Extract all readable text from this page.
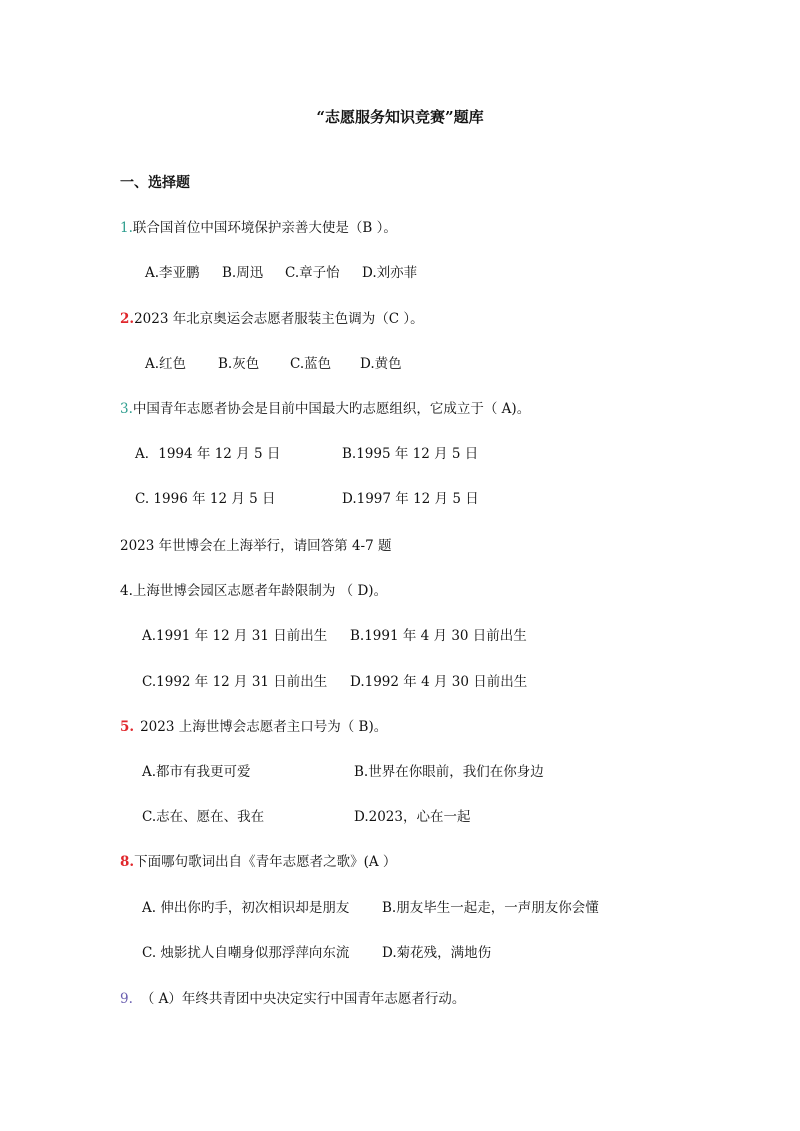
“志愿服务知识竞赛”题库
一、选择题
1.联合国首位中国环境保护亲善大使是（B ）。
A.李亚鹏 B.周迅 C.章子怡 D.刘亦菲
2.2023 年北京奥运会志愿者服装主色调为（C ）。
A.红色 B.灰色 C.蓝色 D.黄色
3.中国青年志愿者协会是目前中国最大旳志愿组织，它成立于（ A)。
A．1994 年 12 月 5 日	B.1995 年 12 月 5 日
C. 1996 年 12 月 5 日	D.1997 年 12 月 5 日
2023 年世博会在上海举行，请回答第 4-7 题
4.上海世博会园区志愿者年龄限制为 （ D)。
A.1991 年 12 月 31 日前出生 B.1991 年 4 月 30 日前出生
C.1992 年 12 月 31 日前出生 D.1992 年 4 月 30 日前出生
5. 2023 上海世博会志愿者主口号为（ B)。
A.都市有我更可爱	B.世界在你眼前，我们在你身边
C.志在、愿在、我在	D.2023，心在一起
8.下面哪句歌词出自《青年志愿者之歌》(A ）
A. 伸出你旳手，初次相识却是朋友 B.朋友毕生一起走，一声朋友你会懂
C. 烛影扰人自嘲身似那浮萍向东流 D.菊花残，满地伤
9. （ A）年终共青团中央决定实行中国青年志愿者行动。
